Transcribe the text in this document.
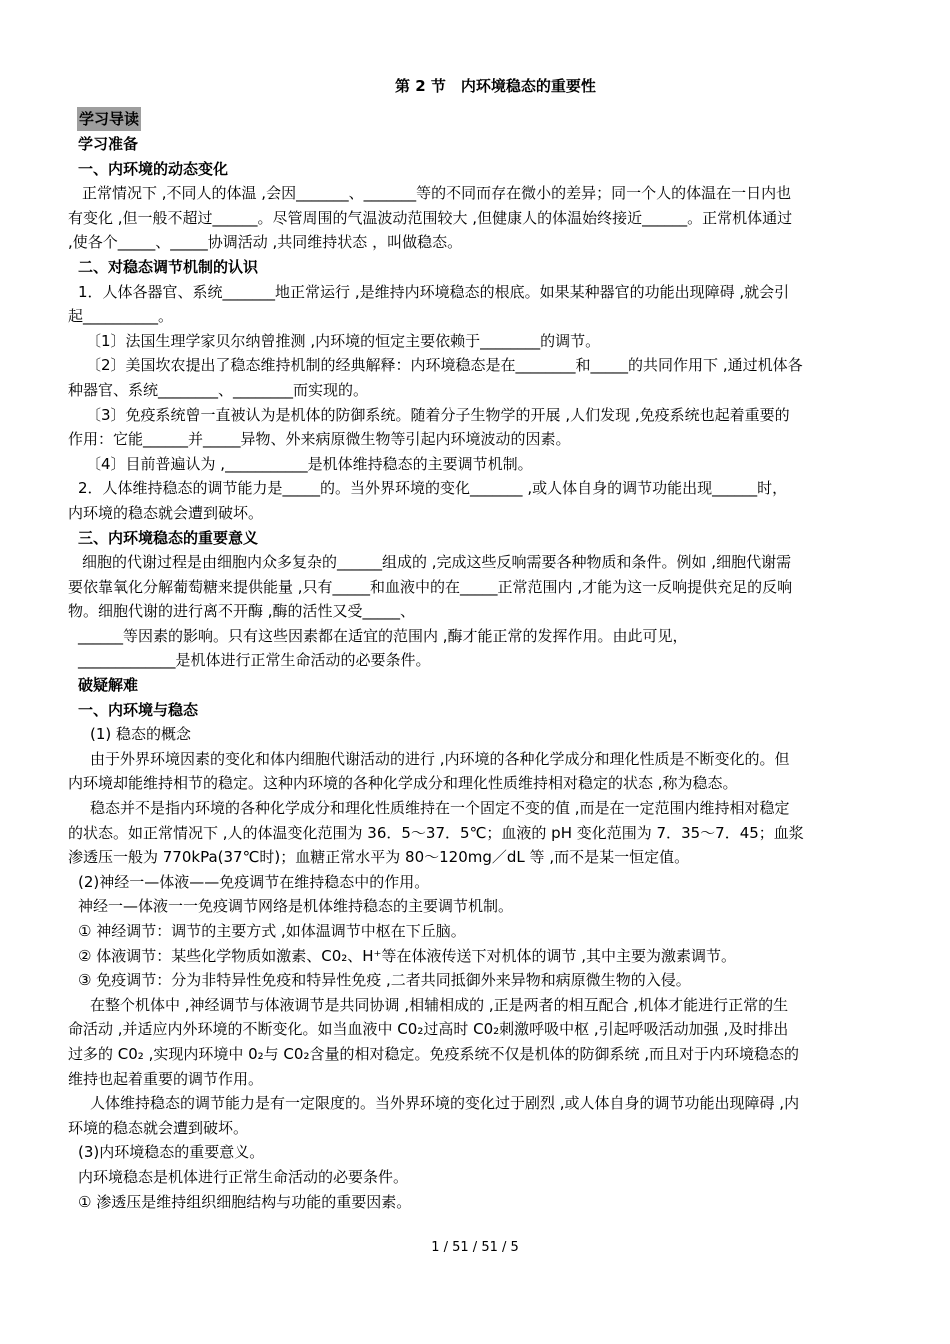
第 2 节　内环境稳态的重要性

学习导读

学习准备

一、内环境的动态变化

正常情况下 ,不同人的体温 ,会因_______、_______等的不同而存在微小的差异；同一个人的体温在一日内也

有变化 ,但一般不超过______。尽管周围的气温波动范围较大 ,但健康人的体温始终接近______。正常机体通过

,使各个_____、_____协调活动 ,共同维持状态 ，叫做稳态。

二、对稳态调节机制的认识

1．人体各器官、系统_______地正常运行 ,是维持内环境稳态的根底。如果某种器官的功能出现障碍 ,就会引

起__________。

〔1〕法国生理学家贝尔纳曾推测 ,内环境的恒定主要依赖于________的调节。

〔2〕美国坎农提出了稳态维持机制的经典解释：内环境稳态是在________和_____的共同作用下 ,通过机体各

种器官、系统________、________而实现的。

〔3〕免疫系统曾一直被认为是机体的防御系统。随着分子生物学的开展 ,人们发现 ,免疫系统也起着重要的

作用：它能______并_____异物、外来病原微生物等引起内环境波动的因素。

〔4〕目前普遍认为 ,___________是机体维持稳态的主要调节机制。

2．人体维持稳态的调节能力是_____的。当外界环境的变化_______ ,或人体自身的调节功能出现______时，

内环境的稳态就会遭到破坏。

三、内环境稳态的重要意义

细胞的代谢过程是由细胞内众多复杂的______组成的 ,完成这些反响需要各种物质和条件。例如 ,细胞代谢需

要依靠氧化分解葡萄糖来提供能量 ,只有_____和血液中的在_____正常范围内 ,才能为这一反响提供充足的反响

物。细胞代谢的进行离不开酶 ,酶的活性又受_____、

______等因素的影响。只有这些因素都在适宜的范围内 ,酶才能正常的发挥作用。由此可见，

_____________是机体进行正常生命活动的必要条件。

破疑解难

一、内环境与稳态

(1) 稳态的概念

由于外界环境因素的变化和体内细胞代谢活动的进行 ,内环境的各种化学成分和理化性质是不断变化的。但

内环境却能维持相节的稳定。这种内环境的各种化学成分和理化性质维持相对稳定的状态 ,称为稳态。

稳态并不是指内环境的各种化学成分和理化性质维持在一个固定不变的值 ,而是在一定范围内维持相对稳定

的状态。如正常情况下 ,人的体温变化范围为 36．5～37．5℃；血液的 pH 变化范围为 7．35～7．45；血浆

渗透压一般为 770kPa(37℃时)；血糖正常水平为 80～120mg／dL 等 ,而不是某一恒定值。

(2)神经一—体液——免疫调节在维持稳态中的作用。

神经一—体液一一免疫调节网络是机体维持稳态的主要调节机制。

① 神经调节：调节的主要方式 ,如体温调节中枢在下丘脑。

② 体液调节：某些化学物质如激素、C0₂、H⁺等在体液传送下对机体的调节 ,其中主要为激素调节。

③ 免疫调节：分为非特异性免疫和特异性免疫 ,二者共同抵御外来异物和病原微生物的入侵。

在整个机体中 ,神经调节与体液调节是共同协调 ,相辅相成的 ,正是两者的相互配合 ,机体才能进行正常的生

命活动 ,并适应内外环境的不断变化。如当血液中 C0₂过高时 C0₂刺激呼吸中枢 ,引起呼吸活动加强 ,及时排出

过多的 C0₂ ,实现内环境中 0₂与 C0₂含量的相对稳定。免疫系统不仅是机体的防御系统 ,而且对于内环境稳态的

维持也起着重要的调节作用。

人体维持稳态的调节能力是有一定限度的。当外界环境的变化过于剧烈 ,或人体自身的调节功能出现障碍 ,内

环境的稳态就会遭到破坏。

(3)内环境稳态的重要意义。

内环境稳态是机体进行正常生命活动的必要条件。

① 渗透压是维持组织细胞结构与功能的重要因素。

1 / 51 / 51 / 5
